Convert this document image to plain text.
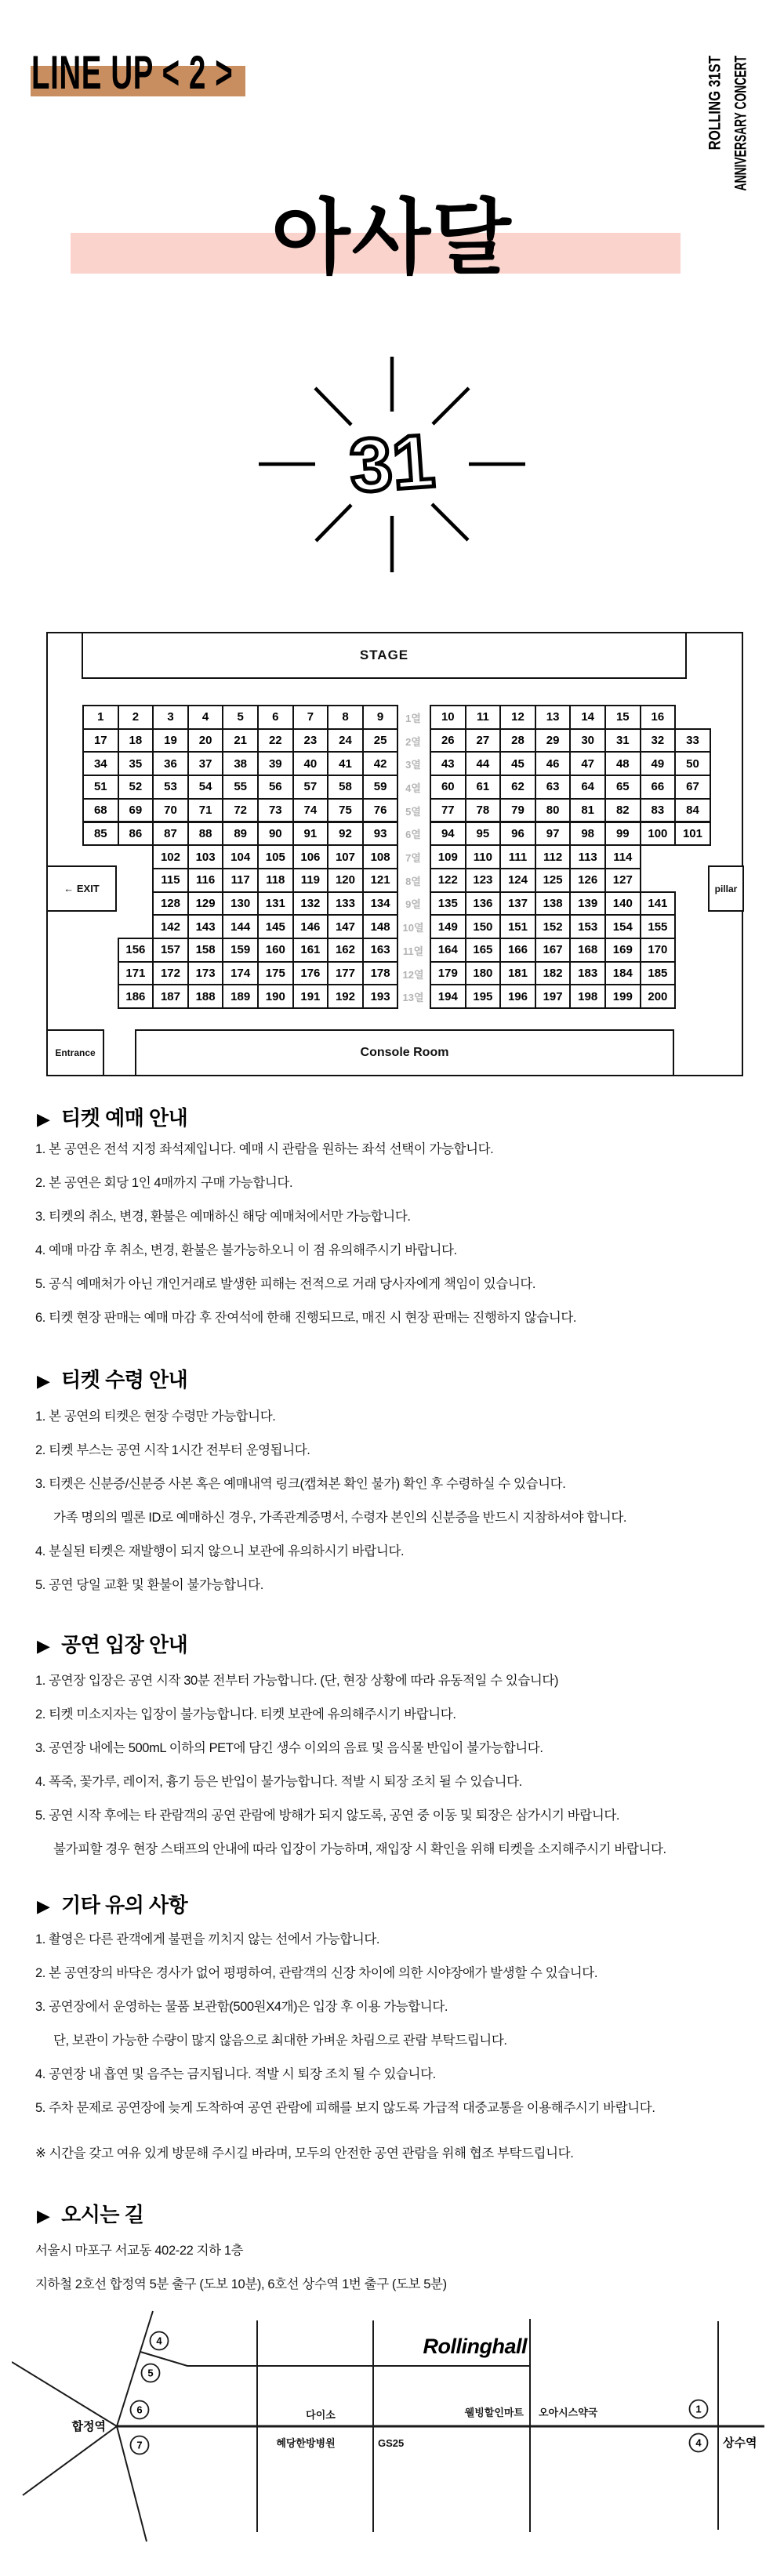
LINE UP < 2 >	ROLLING 31ST ANNIVERSARY CONCERT
아사달
31
STAGE
← EXIT	pillar
Entrance	Console Room
1열
1	2	3	4	5	6	7	8	9	10	11	12	13	14	15	16
2열
17	18	19	20	21	22	23	24	25	26	27	28	29	30	31	32	33
3열
34	35	36	37	38	39	40	41	42	43	44	45	46	47	48	49	50
4열
51	52	53	54	55	56	57	58	59	60	61	62	63	64	65	66	67
5열
68	69	70	71	72	73	74	75	76	77	78	79	80	81	82	83	84
6열
85	86	87	88	89	90	91	92	93	94	95	96	97	98	99	100	101
7열
102	103	104	105	106	107	108	109	110	111	112	113	114
8열
115	116	117	118	119	120	121	122	123	124	125	126	127
9열
128	129	130	131	132	133	134	135	136	137	138	139	140	141
10열
142	143	144	145	146	147	148	149	150	151	152	153	154	155
11열
156	157	158	159	160	161	162	163	164	165	166	167	168	169	170
12열
171	172	173	174	175	176	177	178	179	180	181	182	183	184	185
13열
186	187	188	189	190	191	192	193	194	195	196	197	198	199	200
▶ 티켓 예매 안내
1. 본 공연은 전석 지정 좌석제입니다. 예매 시 관람을 원하는 좌석 선택이 가능합니다.
2. 본 공연은 회당 1인 4매까지 구매 가능합니다.
3. 티켓의 취소, 변경, 환불은 예매하신 해당 예매처에서만 가능합니다.
4. 예매 마감 후 취소, 변경, 환불은 불가능하오니 이 점 유의해주시기 바랍니다.
5. 공식 예매처가 아닌 개인거래로 발생한 피해는 전적으로 거래 당사자에게 책임이 있습니다.
6. 티켓 현장 판매는 예매 마감 후 잔여석에 한해 진행되므로, 매진 시 현장 판매는 진행하지 않습니다.
▶ 티켓 수령 안내
1. 본 공연의 티켓은 현장 수령만 가능합니다.
2. 티켓 부스는 공연 시작 1시간 전부터 운영됩니다.
3. 티켓은 신분증/신분증 사본 혹은 예매내역 링크(캡쳐본 확인 불가) 확인 후 수령하실 수 있습니다.
가족 명의의 멜론 ID로 예매하신 경우, 가족관계증명서, 수령자 본인의 신분증을 반드시 지참하셔야 합니다.
4. 분실된 티켓은 재발행이 되지 않으니 보관에 유의하시기 바랍니다.
5. 공연 당일 교환 및 환불이 불가능합니다.
▶ 공연 입장 안내
1. 공연장 입장은 공연 시작 30분 전부터 가능합니다. (단, 현장 상황에 따라 유동적일 수 있습니다)
2. 티켓 미소지자는 입장이 불가능합니다. 티켓 보관에 유의해주시기 바랍니다.
3. 공연장 내에는 500mL 이하의 PET에 담긴 생수 이외의 음료 및 음식물 반입이 불가능합니다.
4. 폭죽, 꽃가루, 레이저, 흉기 등은 반입이 불가능합니다. 적발 시 퇴장 조치 될 수 있습니다.
5. 공연 시작 후에는 타 관람객의 공연 관람에 방해가 되지 않도록, 공연 중 이동 및 퇴장은 삼가시기 바랍니다.
불가피할 경우 현장 스태프의 안내에 따라 입장이 가능하며, 재입장 시 확인을 위해 티켓을 소지해주시기 바랍니다.
▶ 기타 유의 사항
1. 촬영은 다른 관객에게 불편을 끼치지 않는 선에서 가능합니다.
2. 본 공연장의 바닥은 경사가 없어 평평하여, 관람객의 신장 차이에 의한 시야장애가 발생할 수 있습니다.
3. 공연장에서 운영하는 물품 보관함(500원X4개)은 입장 후 이용 가능합니다.
단, 보관이 가능한 수량이 많지 않음으로 최대한 가벼운 차림으로 관람 부탁드립니다.
4. 공연장 내 흡연 및 음주는 금지됩니다. 적발 시 퇴장 조치 될 수 있습니다.
5. 주차 문제로 공연장에 늦게 도착하여 공연 관람에 피해를 보지 않도록 가급적 대중교통을 이용해주시기 바랍니다.
▶ 오시는 길
서울시 마포구 서교동 402-22 지하 1층
지하철 2호선 합정역 5분 출구 (도보 10분), 6호선 상수역 1번 출구 (도보 5분)
※ 시간을 갖고 여유 있게 방문해 주시길 바라며, 모두의 안전한 공연 관람을 위해 협조 부탁드립니다.
Rollinghall
합정역
상수역
다이소	웰빙할인마트 오아시스약국
혜당한방병원	GS25
4
5
6
7
1
4
